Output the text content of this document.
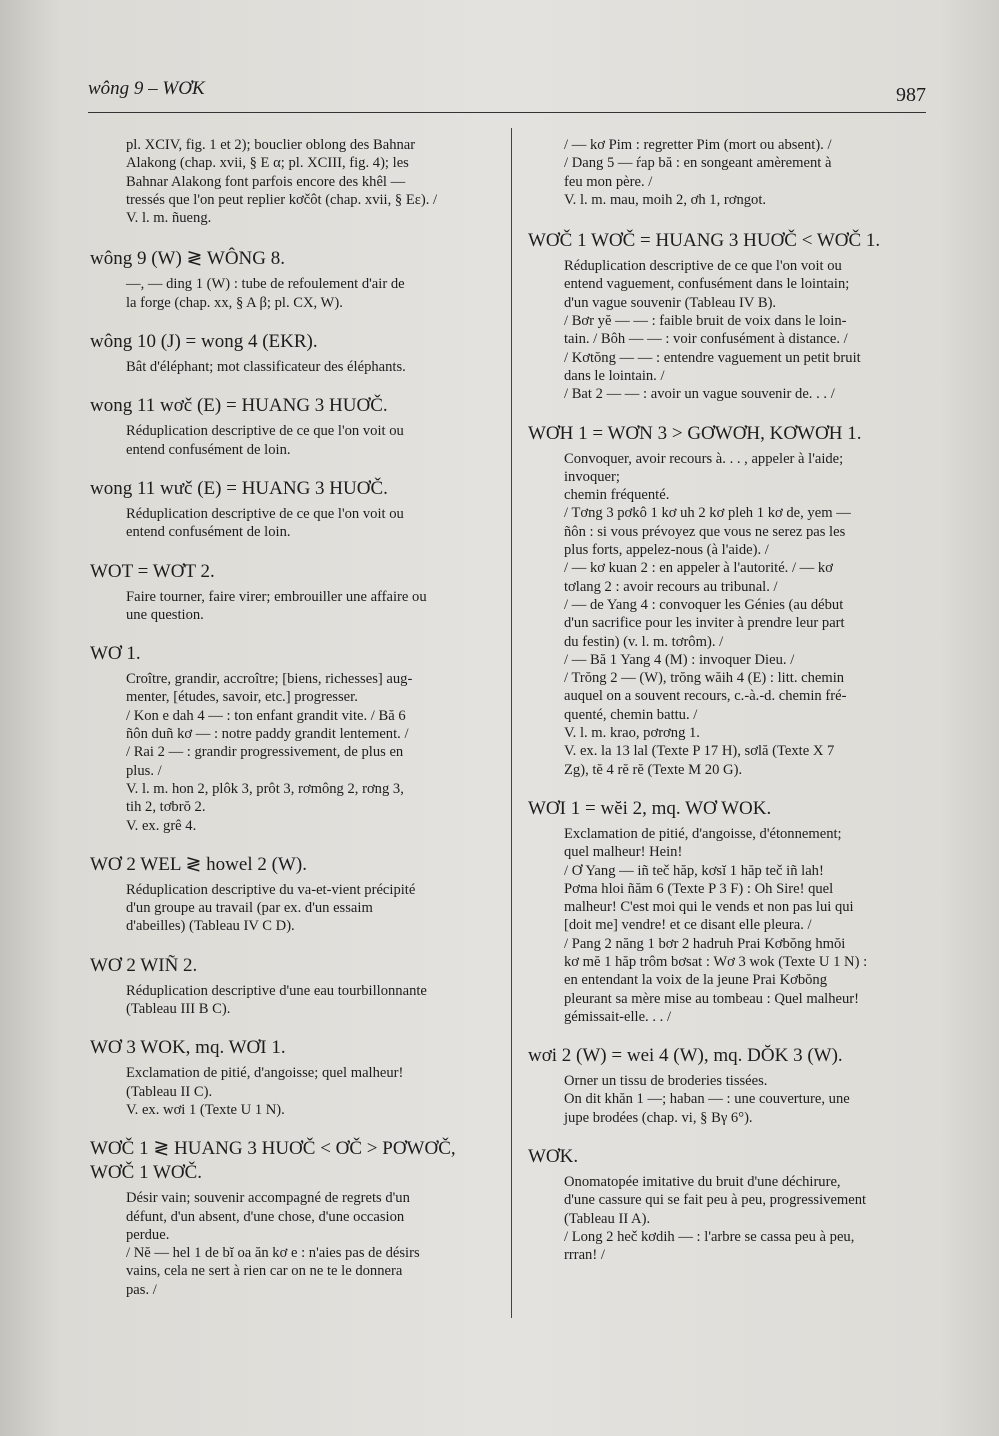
wông 9 – WƠK	987
pl. XCIV, fig. 1 et 2); bouclier oblong des Bahnar
Alakong (chap. xvii, § E α; pl. XCIII, fig. 4); les
Bahnar Alakong font parfois encore des khêl —
tressés que l'on peut replier kơčôt (chap. xvii, § Eε). /
V. l. m. ñueng.
wông 9 (W) ≷ WÔNG 8.
—, — ding 1 (W) : tube de refoulement d'air de
la forge (chap. xx, § A β; pl. CX, W).
wông 10 (J) = wong 4 (EKR).
Bât d'éléphant; mot classificateur des éléphants.
wong 11 wơč (E) = HUANG 3 HUƠČ.
Réduplication descriptive de ce que l'on voit ou
entend confusément de loin.
wong 11 wưč (E) = HUANG 3 HUƠČ.
Réduplication descriptive de ce que l'on voit ou
entend confusément de loin.
WOT = WƠT 2.
Faire tourner, faire virer; embrouiller une affaire ou
une question.
WƠ 1.
Croître, grandir, accroître; [biens, richesses] aug-
menter, [études, savoir, etc.] progresser.
/ Kon e dah 4 — : ton enfant grandit vite. / Bă 6
ñôn duñ kơ — : notre paddy grandit lentement. /
/ Rai 2 — : grandir progressivement, de plus en
plus. /
V. l. m. hon 2, plôk 3, prôt 3, rơmông 2, rơng 3,
tih 2, tơbrŏ 2.
V. ex. grê 4.
WƠ 2 WEL ≷ howel 2 (W).
Réduplication descriptive du va-et-vient précipité
d'un groupe au travail (par ex. d'un essaim
d'abeilles) (Tableau IV C D).
WƠ 2 WIÑ 2.
Réduplication descriptive d'une eau tourbillonnante
(Tableau III B C).
WƠ 3 WOK, mq. WƠI 1.
Exclamation de pitié, d'angoisse; quel malheur!
(Tableau II C).
V. ex. wơi 1 (Texte U 1 N).
WƠČ 1 ≷ HUANG 3 HUƠČ < ƠČ > PƠWƠČ, WƠČ 1 WƠČ.
Désir vain; souvenir accompagné de regrets d'un
défunt, d'un absent, d'une chose, d'une occasion
perdue.
/ Nĕ — hel 1 de bĭ oa ăn kơ e : n'aies pas de désirs
vains, cela ne sert à rien car on ne te le donnera
pas. /
/ — kơ Pim : regretter Pim (mort ou absent). /
/ Dang 5 — ŕap bă : en songeant amèrement à
feu mon père. /
V. l. m. mau, moih 2, ơh 1, rơngot.
WƠČ 1 WƠČ = HUANG 3 HUƠČ < WƠČ 1.
Réduplication descriptive de ce que l'on voit ou
entend vaguement, confusément dans le lointain;
d'un vague souvenir (Tableau IV B).
/ Bơr yĕ — — : faible bruit de voix dans le loin-
tain. / Bôh — — : voir confusément à distance. /
/ Kơtŏng — — : entendre vaguement un petit bruit
dans le lointain. /
/ Bat 2 — — : avoir un vague souvenir de. . . /
WƠH 1 = WƠN 3 > GƠWƠH, KƠWƠH 1.
Convoquer, avoir recours à. . . , appeler à l'aide;
invoquer;
chemin fréquenté.
/ Tơng 3 pơkô 1 kơ uh 2 kơ pleh 1 kơ de, yem —
ñôn : si vous prévoyez que vous ne serez pas les
plus forts, appelez-nous (à l'aide). /
/ — kơ kuan 2 : en appeler à l'autorité. / — kơ
tơlang 2 : avoir recours au tribunal. /
/ — de Yang 4 : convoquer les Génies (au début
d'un sacrifice pour les inviter à prendre leur part
du festin) (v. l. m. tơrôm). /
/ — Bă 1 Yang 4 (M) : invoquer Dieu. /
/ Trŏng 2 — (W), trŏng wăih 4 (E) : litt. chemin
auquel on a souvent recours, c.-à.-d. chemin fré-
quenté, chemin battu. /
V. l. m. krao, pơrơng 1.
V. ex. la 13 lal (Texte P 17 H), sơlă (Texte X 7
Zg), tĕ 4 rĕ rĕ (Texte M 20 G).
WƠI 1 = wĕi 2, mq. WƠ WOK.
Exclamation de pitié, d'angoisse, d'étonnement;
quel malheur! Hein!
/ Ơ Yang — iñ teč hăp, kơsĭ 1 hăp teč iñ lah!
Pơma hloi ñăm 6 (Texte P 3 F) : Oh Sire! quel
malheur! C'est moi qui le vends et non pas lui qui
[doit me] vendre! et ce disant elle pleura. /
/ Pang 2 năng 1 bơr 2 hadruh Prai Kơbŏng hmŏi
kơ mĕ 1 hăp trôm bơsat : Wơ 3 wok (Texte U 1 N) :
en entendant la voix de la jeune Prai Kơbŏng
pleurant sa mère mise au tombeau : Quel malheur!
gémissait-elle. . . /
wơi 2 (W) = wei 4 (W), mq. DŎK 3 (W).
Orner un tissu de broderies tissées.
On dit khăn 1 —; haban — : une couverture, une
jupe brodées (chap. vi, § Bγ 6°).
WƠK.
Onomatopée imitative du bruit d'une déchirure,
d'une cassure qui se fait peu à peu, progressivement
(Tableau II A).
/ Long 2 heč kơdih — : l'arbre se cassa peu à peu,
rrran! /
